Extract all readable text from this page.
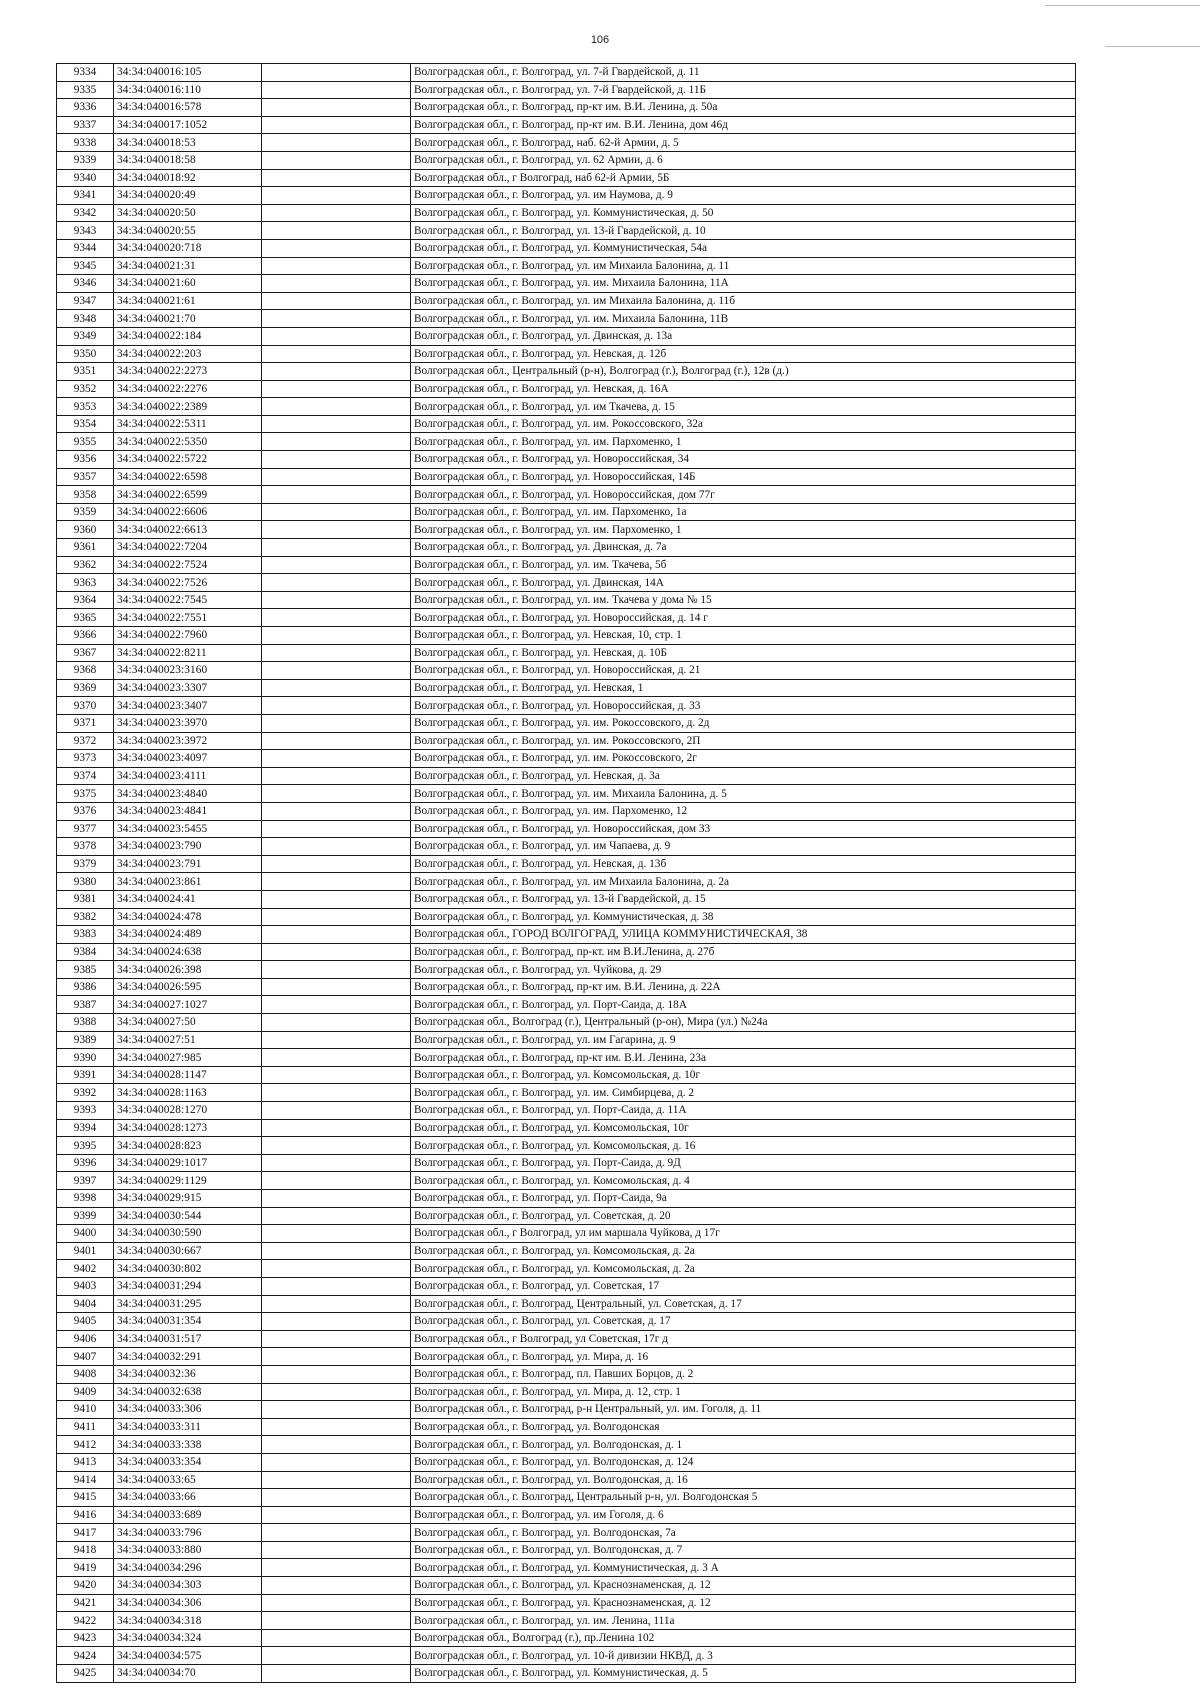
106
9334	34:34:040016:105		Волгоградская обл., г. Волгоград, ул. 7-й Гвардейской, д. 11
9335	34:34:040016:110		Волгоградская обл., г. Волгоград, ул. 7-й Гвардейской, д. 11Б
9336	34:34:040016:578		Волгоградская обл., г. Волгоград, пр-кт им. В.И. Ленина, д. 50а
9337	34:34:040017:1052		Волгоградская обл., г. Волгоград, пр-кт им. В.И. Ленина, дом 46д
9338	34:34:040018:53		Волгоградская обл., г. Волгоград, наб. 62-й Армии, д. 5
9339	34:34:040018:58		Волгоградская обл., г. Волгоград, ул. 62 Армии, д. 6
9340	34:34:040018:92		Волгоградская обл., г Волгоград, наб 62-й Армии, 5Б
9341	34:34:040020:49		Волгоградская обл., г. Волгоград, ул. им Наумова, д. 9
9342	34:34:040020:50		Волгоградская обл., г. Волгоград, ул. Коммунистическая, д. 50
9343	34:34:040020:55		Волгоградская обл., г. Волгоград, ул. 13-й Гвардейской, д. 10
9344	34:34:040020:718		Волгоградская обл., г. Волгоград, ул. Коммунистическая, 54а
9345	34:34:040021:31		Волгоградская обл., г. Волгоград, ул. им Михаила Балонина, д. 11
9346	34:34:040021:60		Волгоградская обл., г. Волгоград, ул. им. Михаила Балонина, 11А
9347	34:34:040021:61		Волгоградская обл., г. Волгоград, ул. им Михаила Балонина, д. 11б
9348	34:34:040021:70		Волгоградская обл., г. Волгоград, ул. им. Михаила Балонина, 11В
9349	34:34:040022:184		Волгоградская обл., г. Волгоград, ул. Двинская, д. 13а
9350	34:34:040022:203		Волгоградская обл., г. Волгоград, ул. Невская, д. 12б
9351	34:34:040022:2273		Волгоградская обл., Центральный (р-н), Волгоград (г.), Волгоград (г.), 12в (д.)
9352	34:34:040022:2276		Волгоградская обл., г. Волгоград, ул. Невская, д. 16А
9353	34:34:040022:2389		Волгоградская обл., г. Волгоград, ул. им Ткачева, д. 15
9354	34:34:040022:5311		Волгоградская обл., г. Волгоград, ул. им. Рокоссовского, 32а
9355	34:34:040022:5350		Волгоградская обл., г. Волгоград, ул. им. Пархоменко, 1
9356	34:34:040022:5722		Волгоградская обл., г. Волгоград, ул. Новороссийская, 34
9357	34:34:040022:6598		Волгоградская обл., г. Волгоград, ул. Новороссийская, 14Б
9358	34:34:040022:6599		Волгоградская обл., г. Волгоград, ул. Новороссийская, дом 77г
9359	34:34:040022:6606		Волгоградская обл., г. Волгоград, ул. им. Пархоменко, 1а
9360	34:34:040022:6613		Волгоградская обл., г. Волгоград, ул. им. Пархоменко, 1
9361	34:34:040022:7204		Волгоградская обл., г. Волгоград, ул. Двинская, д. 7а
9362	34:34:040022:7524		Волгоградская обл., г. Волгоград, ул. им. Ткачева, 5б
9363	34:34:040022:7526		Волгоградская обл., г. Волгоград, ул. Двинская, 14А
9364	34:34:040022:7545		Волгоградская обл., г. Волгоград, ул. им. Ткачева у дома № 15
9365	34:34:040022:7551		Волгоградская обл., г. Волгоград, ул. Новороссийская, д. 14 г
9366	34:34:040022:7960		Волгоградская обл., г. Волгоград, ул. Невская, 10, стр. 1
9367	34:34:040022:8211		Волгоградская обл., г. Волгоград, ул. Невская, д. 10Б
9368	34:34:040023:3160		Волгоградская обл., г. Волгоград, ул. Новороссийская, д. 21
9369	34:34:040023:3307		Волгоградская обл., г. Волгоград, ул. Невская, 1
9370	34:34:040023:3407		Волгоградская обл., г. Волгоград, ул. Новороссийская, д. 33
9371	34:34:040023:3970		Волгоградская обл., г. Волгоград, ул. им. Рокоссовского, д. 2д
9372	34:34:040023:3972		Волгоградская обл., г. Волгоград, ул. им. Рокоссовского, 2П
9373	34:34:040023:4097		Волгоградская обл., г. Волгоград, ул. им. Рокоссовского, 2г
9374	34:34:040023:4111		Волгоградская обл., г. Волгоград, ул. Невская, д. 3а
9375	34:34:040023:4840		Волгоградская обл., г. Волгоград, ул. им. Михаила Балонина, д. 5
9376	34:34:040023:4841		Волгоградская обл., г. Волгоград, ул. им. Пархоменко, 12
9377	34:34:040023:5455		Волгоградская обл., г. Волгоград, ул. Новороссийская, дом 33
9378	34:34:040023:790		Волгоградская обл., г. Волгоград, ул. им Чапаева, д. 9
9379	34:34:040023:791		Волгоградская обл., г. Волгоград, ул. Невская, д. 13б
9380	34:34:040023:861		Волгоградская обл., г. Волгоград, ул. им Михаила Балонина, д. 2а
9381	34:34:040024:41		Волгоградская обл., г. Волгоград, ул. 13-й Гвардейской, д. 15
9382	34:34:040024:478		Волгоградская обл., г. Волгоград, ул. Коммунистическая, д. 38
9383	34:34:040024:489		Волгоградская обл., ГОРОД ВОЛГОГРАД, УЛИЦА КОММУНИСТИЧЕСКАЯ, 38
9384	34:34:040024:638		Волгоградская обл., г. Волгоград, пр-кт. им В.И.Ленина, д. 27б
9385	34:34:040026:398		Волгоградская обл., г. Волгоград, ул. Чуйкова, д. 29
9386	34:34:040026:595		Волгоградская обл., г. Волгоград, пр-кт им. В.И. Ленина, д. 22А
9387	34:34:040027:1027		Волгоградская обл., г. Волгоград, ул. Порт-Саида, д. 18А
9388	34:34:040027:50		Волгоградская обл., Волгоград (г.), Центральный (р-он), Мира (ул.) №24а
9389	34:34:040027:51		Волгоградская обл., г. Волгоград, ул. им Гагарина, д. 9
9390	34:34:040027:985		Волгоградская обл., г. Волгоград, пр-кт им. В.И. Ленина, 23а
9391	34:34:040028:1147		Волгоградская обл., г. Волгоград, ул. Комсомольская, д. 10г
9392	34:34:040028:1163		Волгоградская обл., г. Волгоград, ул. им. Симбирцева, д. 2
9393	34:34:040028:1270		Волгоградская обл., г. Волгоград, ул. Порт-Саида, д. 11А
9394	34:34:040028:1273		Волгоградская обл., г. Волгоград, ул. Комсомольская, 10г
9395	34:34:040028:823		Волгоградская обл., г. Волгоград, ул. Комсомольская, д. 16
9396	34:34:040029:1017		Волгоградская обл., г. Волгоград, ул. Порт-Саида, д. 9Д
9397	34:34:040029:1129		Волгоградская обл., г. Волгоград, ул. Комсомольская, д. 4
9398	34:34:040029:915		Волгоградская обл., г. Волгоград, ул. Порт-Саида, 9а
9399	34:34:040030:544		Волгоградская обл., г. Волгоград, ул. Советская, д. 20
9400	34:34:040030:590		Волгоградская обл., г Волгоград, ул им маршала Чуйкова, д 17г
9401	34:34:040030:667		Волгоградская обл., г. Волгоград, ул. Комсомольская, д. 2а
9402	34:34:040030:802		Волгоградская обл., г. Волгоград, ул. Комсомольская, д. 2а
9403	34:34:040031:294		Волгоградская обл., г. Волгоград, ул. Советская, 17
9404	34:34:040031:295		Волгоградская обл., г. Волгоград, Центральный, ул. Советская, д. 17
9405	34:34:040031:354		Волгоградская обл., г. Волгоград, ул. Советская, д. 17
9406	34:34:040031:517		Волгоградская обл., г Волгоград, ул Советская, 17г д
9407	34:34:040032:291		Волгоградская обл., г. Волгоград, ул. Мира, д. 16
9408	34:34:040032:36		Волгоградская обл., г. Волгоград, пл. Павших Борцов, д. 2
9409	34:34:040032:638		Волгоградская обл., г. Волгоград, ул. Мира, д. 12, стр. 1
9410	34:34:040033:306		Волгоградская обл., г. Волгоград, р-н Центральный, ул. им. Гоголя, д. 11
9411	34:34:040033:311		Волгоградская обл., г. Волгоград, ул. Волгодонская
9412	34:34:040033:338		Волгоградская обл., г. Волгоград, ул. Волгодонская, д. 1
9413	34:34:040033:354		Волгоградская обл., г. Волгоград, ул. Волгодонская, д. 124
9414	34:34:040033:65		Волгоградская обл., г. Волгоград, ул. Волгодонская, д. 16
9415	34:34:040033:66		Волгоградская обл., г. Волгоград, Центральный р-н, ул. Волгодонская 5
9416	34:34:040033:689		Волгоградская обл., г. Волгоград, ул. им Гоголя, д. 6
9417	34:34:040033:796		Волгоградская обл., г. Волгоград, ул. Волгодонская, 7а
9418	34:34:040033:880		Волгоградская обл., г. Волгоград, ул. Волгодонская, д. 7
9419	34:34:040034:296		Волгоградская обл., г. Волгоград, ул. Коммунистическая, д. 3 А
9420	34:34:040034:303		Волгоградская обл., г. Волгоград, ул. Краснознаменская, д. 12
9421	34:34:040034:306		Волгоградская обл., г. Волгоград, ул. Краснознаменская, д. 12
9422	34:34:040034:318		Волгоградская обл., г. Волгоград, ул. им. Ленина, 111а
9423	34:34:040034:324		Волгоградская обл., Волгоград (г.), пр.Ленина 102
9424	34:34:040034:575		Волгоградская обл., г. Волгоград, ул. 10-й дивизии НКВД, д. 3
9425	34:34:040034:70		Волгоградская обл., г. Волгоград, ул. Коммунистическая, д. 5
